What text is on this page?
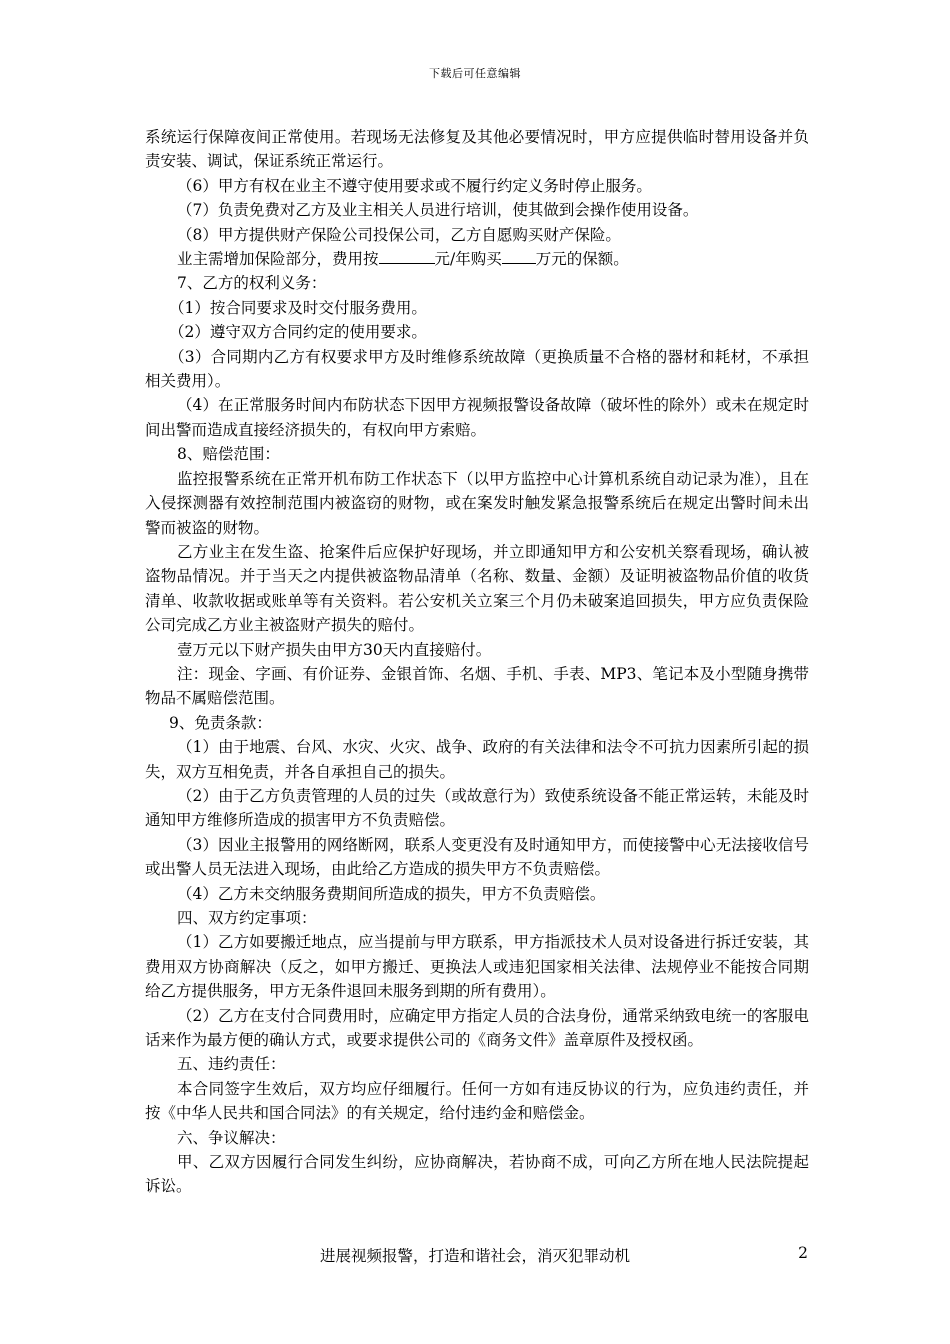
下载后可任意编辑

系统运行保障夜间正常使用。若现场无法修复及其他必要情况时，甲方应提供临时替用设备并负责安装、调试，保证系统正常运行。

（6）甲方有权在业主不遵守使用要求或不履行约定义务时停止服务。

（7）负责免费对乙方及业主相关人员进行培训，使其做到会操作使用设备。

（8）甲方提供财产保险公司投保公司，乙方自愿购买财产保险。

业主需增加保险部分，费用按	元/年购买 万元的保额。

7、乙方的权利义务：

（1）按合同要求及时交付服务费用。

（2）遵守双方合同约定的使用要求。

（3）合同期内乙方有权要求甲方及时维修系统故障（更换质量不合格的器材和耗材，不承担相关费用）。

（4）在正常服务时间内布防状态下因甲方视频报警设备故障（破坏性的除外）或未在规定时间出警而造成直接经济损失的，有权向甲方索赔。

8、赔偿范围：

监控报警系统在正常开机布防工作状态下（以甲方监控中心计算机系统自动记录为准），且在入侵探测器有效控制范围内被盗窃的财物，或在案发时触发紧急报警系统后在规定出警时间未出警而被盗的财物。

乙方业主在发生盗、抢案件后应保护好现场，并立即通知甲方和公安机关察看现场，确认被盗物品情况。并于当天之内提供被盗物品清单（名称、数量、金额）及证明被盗物品价值的收货清单、收款收据或账单等有关资料。若公安机关立案三个月仍未破案追回损失，甲方应负责保险公司完成乙方业主被盗财产损失的赔付。

壹万元以下财产损失由甲方30天内直接赔付。

注：现金、字画、有价证券、金银首饰、名烟、手机、手表、MP3、笔记本及小型随身携带物品不属赔偿范围。

9、免责条款：

（1）由于地震、台风、水灾、火灾、战争、政府的有关法律和法令不可抗力因素所引起的损失，双方互相免责，并各自承担自己的损失。

（2）由于乙方负责管理的人员的过失（或故意行为）致使系统设备不能正常运转，未能及时通知甲方维修所造成的损害甲方不负责赔偿。

（3）因业主报警用的网络断网，联系人变更没有及时通知甲方，而使接警中心无法接收信号或出警人员无法进入现场，由此给乙方造成的损失甲方不负责赔偿。

（4）乙方未交纳服务费期间所造成的损失，甲方不负责赔偿。

四、双方约定事项：

（1）乙方如要搬迁地点，应当提前与甲方联系，甲方指派技术人员对设备进行拆迁安装，其费用双方协商解决（反之，如甲方搬迁、更换法人或违犯国家相关法律、法规停业不能按合同期给乙方提供服务，甲方无条件退回未服务到期的所有费用）。

（2）乙方在支付合同费用时，应确定甲方指定人员的合法身份，通常采纳致电统一的客服电话来作为最方便的确认方式，或要求提供公司的《商务文件》盖章原件及授权函。

五、违约责任：

本合同签字生效后，双方均应仔细履行。任何一方如有违反协议的行为，应负违约责任，并按《中华人民共和国合同法》的有关规定，给付违约金和赔偿金。

六、争议解决：

甲、乙双方因履行合同发生纠纷，应协商解决，若协商不成，可向乙方所在地人民法院提起诉讼。

进展视频报警，打造和谐社会，消灭犯罪动机	2
